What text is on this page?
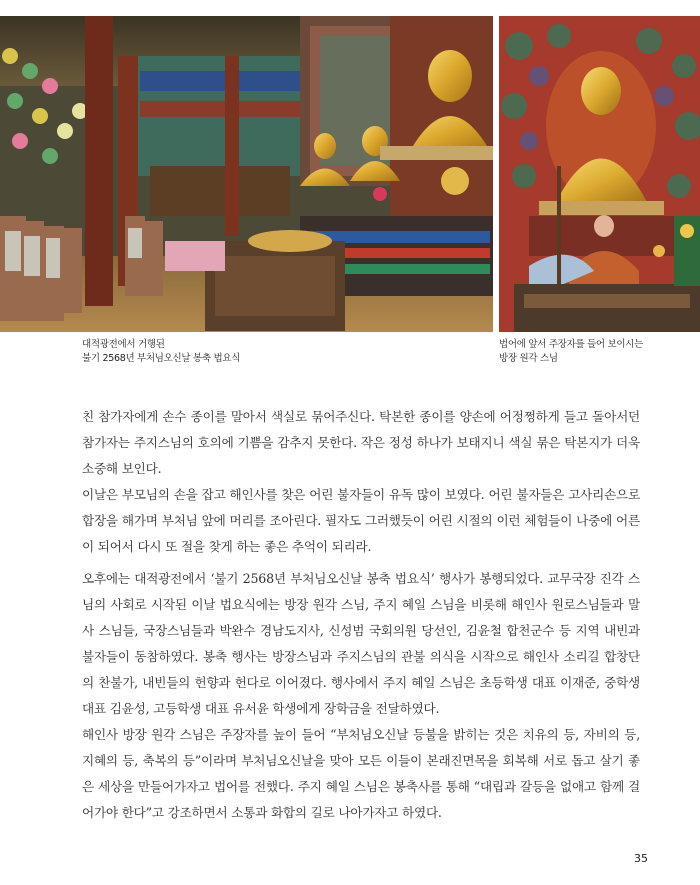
대적광전에서 거행된
불기 2568년 부처님오신날 봉축 법요식
법어에 앞서 주장자를 들어 보이시는
방장 원각 스님

친 참가자에게 손수 종이를 말아서 색실로 묶어주신다. 탁본한 종이를 양손에 어정쩡하게 들고 돌아서던 참가자는 주지스님의 호의에 기쁨을 감추지 못한다. 작은 정성 하나가 보태지니 색실 묶은 탁본지가 더욱 소중해 보인다.

이날은 부모님의 손을 잡고 해인사를 찾은 어린 불자들이 유독 많이 보였다. 어린 불자들은 고사리손으로 합장을 해가며 부처님 앞에 머리를 조아린다. 필자도 그러했듯이 어린 시절의 이런 체험들이 나중에 어른이 되어서 다시 또 절을 찾게 하는 좋은 추억이 되리라.

오후에는 대적광전에서 ‘불기 2568년 부처님오신날 봉축 법요식’ 행사가 봉행되었다. 교무국장 진각 스님의 사회로 시작된 이날 법요식에는 방장 원각 스님, 주지 혜일 스님을 비롯해 해인사 원로스님들과 말사 스님들, 국장스님들과 박완수 경남도지사, 신성범 국회의원 당선인, 김윤철 합천군수 등 지역 내빈과 불자들이 동참하였다. 봉축 행사는 방장스님과 주지스님의 관불 의식을 시작으로 해인사 소리길 합창단의 찬불가, 내빈들의 헌향과 헌다로 이어졌다. 행사에서 주지 혜일 스님은 초등학생 대표 이재준, 중학생 대표 김윤성, 고등학생 대표 유서윤 학생에게 장학금을 전달하였다.

해인사 방장 원각 스님은 주장자를 높이 들어 “부처님오신날 등불을 밝히는 것은 치유의 등, 자비의 등, 지혜의 등, 축복의 등”이라며 부처님오신날을 맞아 모든 이들이 본래진면목을 회복해 서로 돕고 살기 좋은 세상을 만들어가자고 법어를 전했다. 주지 혜일 스님은 봉축사를 통해 “대립과 갈등을 없애고 함께 걸어가야 한다”고 강조하면서 소통과 화합의 길로 나아가자고 하였다.

35
